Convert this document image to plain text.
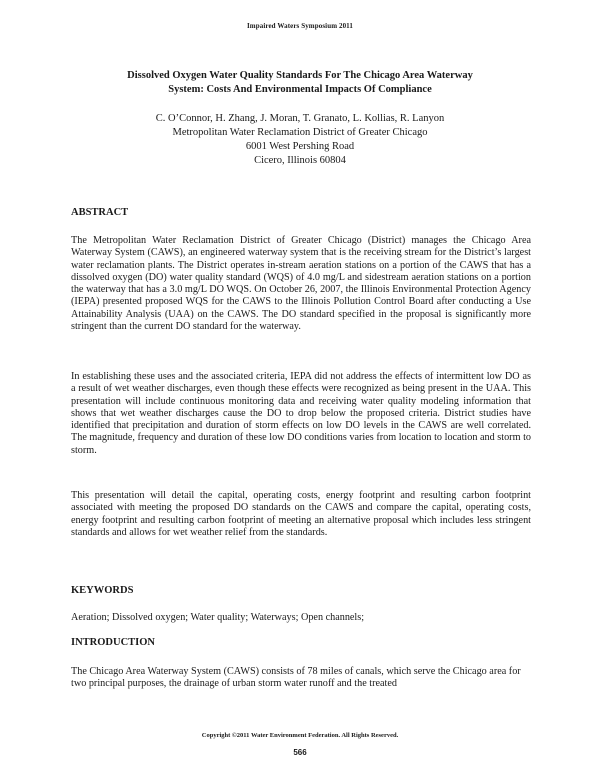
Impaired Waters Symposium 2011
Dissolved Oxygen Water Quality Standards For The Chicago Area Waterway
System: Costs And Environmental Impacts Of Compliance
C. O’Connor, H. Zhang, J. Moran, T. Granato, L. Kollias, R. Lanyon
Metropolitan Water Reclamation District of Greater Chicago
6001 West Pershing Road
Cicero, Illinois 60804
ABSTRACT

The Metropolitan Water Reclamation District of Greater Chicago (District) manages the Chicago Area Waterway System (CAWS), an engineered waterway system that is the receiving stream for the District’s largest water reclamation plants. The District operates in-stream aeration stations on a portion of the CAWS that has a dissolved oxygen (DO) water quality standard (WQS) of 4.0 mg/L and sidestream aeration stations on a portion the waterway that has a 3.0 mg/L DO WQS. On October 26, 2007, the Illinois Environmental Protection Agency (IEPA) presented proposed WQS for the CAWS to the Illinois Pollution Control Board after conducting a Use Attainability Analysis (UAA) on the CAWS. The DO standard specified in the proposal is significantly more stringent than the current DO standard for the waterway.

In establishing these uses and the associated criteria, IEPA did not address the effects of intermittent low DO as a result of wet weather discharges, even though these effects were recognized as being present in the UAA. This presentation will include continuous monitoring data and receiving water quality modeling information that shows that wet weather discharges cause the DO to drop below the proposed criteria. District studies have identified that precipitation and duration of storm effects on low DO levels in the CAWS are well correlated. The magnitude, frequency and duration of these low DO conditions varies from location to location and storm to storm.

This presentation will detail the capital, operating costs, energy footprint and resulting carbon footprint associated with meeting the proposed DO standards on the CAWS and compare the capital, operating costs, energy footprint and resulting carbon footprint of meeting an alternative proposal which includes less stringent standards and allows for wet weather relief from the standards.

KEYWORDS

Aeration; Dissolved oxygen; Water quality; Waterways; Open channels;

INTRODUCTION

The Chicago Area Waterway System (CAWS) consists of 78 miles of canals, which serve the Chicago area for two principal purposes, the drainage of urban storm water runoff and the treated

Copyright ©2011 Water Environment Federation. All Rights Reserved.
566
